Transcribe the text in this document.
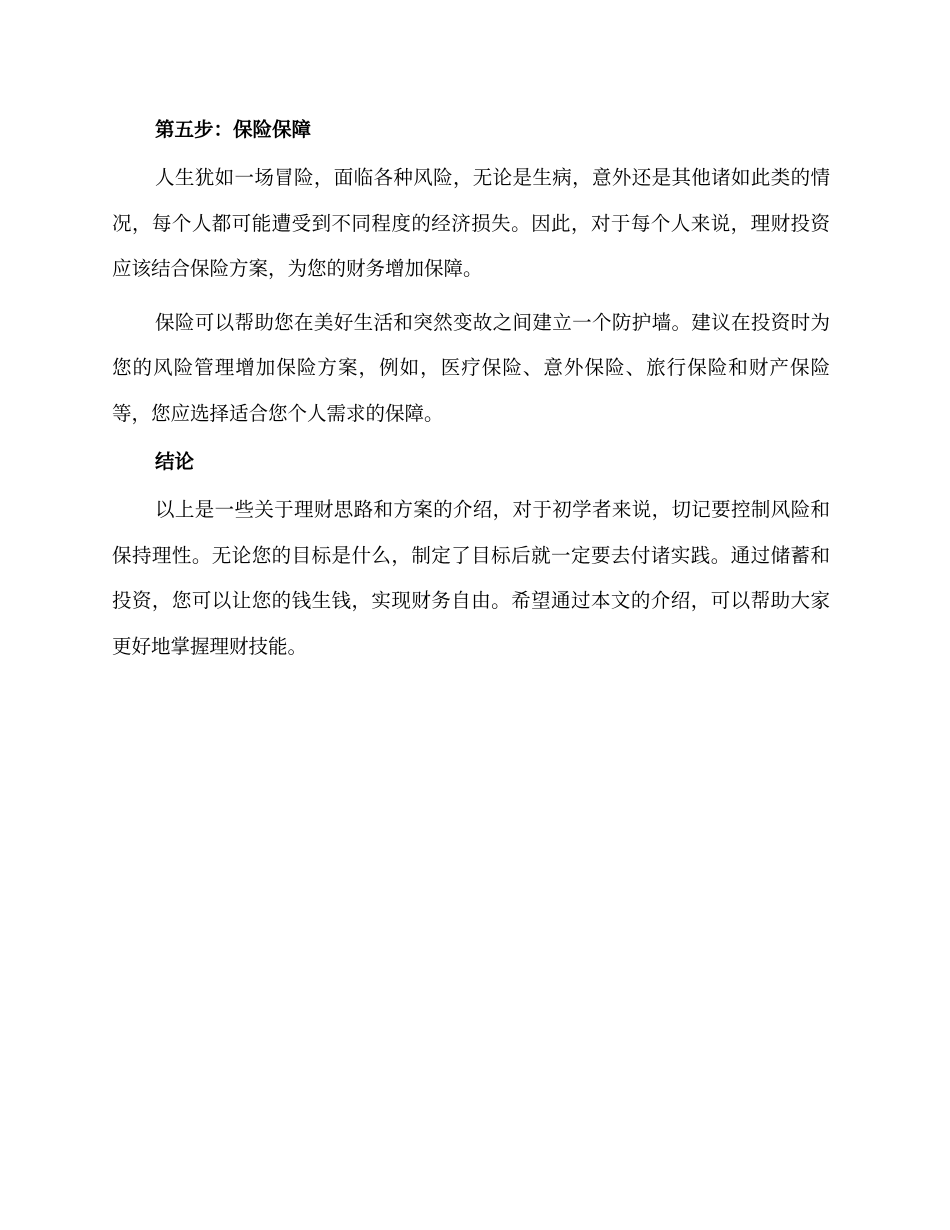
第五步：保险保障

人生犹如一场冒险，面临各种风险，无论是生病，意外还是其他诸如此类的情况，每个人都可能遭受到不同程度的经济损失。因此，对于每个人来说，理财投资应该结合保险方案，为您的财务增加保障。

保险可以帮助您在美好生活和突然变故之间建立一个防护墙。建议在投资时为您的风险管理增加保险方案，例如，医疗保险、意外保险、旅行保险和财产保险等，您应选择适合您个人需求的保障。

结论

以上是一些关于理财思路和方案的介绍，对于初学者来说，切记要控制风险和保持理性。无论您的目标是什么，制定了目标后就一定要去付诸实践。通过储蓄和投资，您可以让您的钱生钱，实现财务自由。希望通过本文的介绍，可以帮助大家更好地掌握理财技能。
